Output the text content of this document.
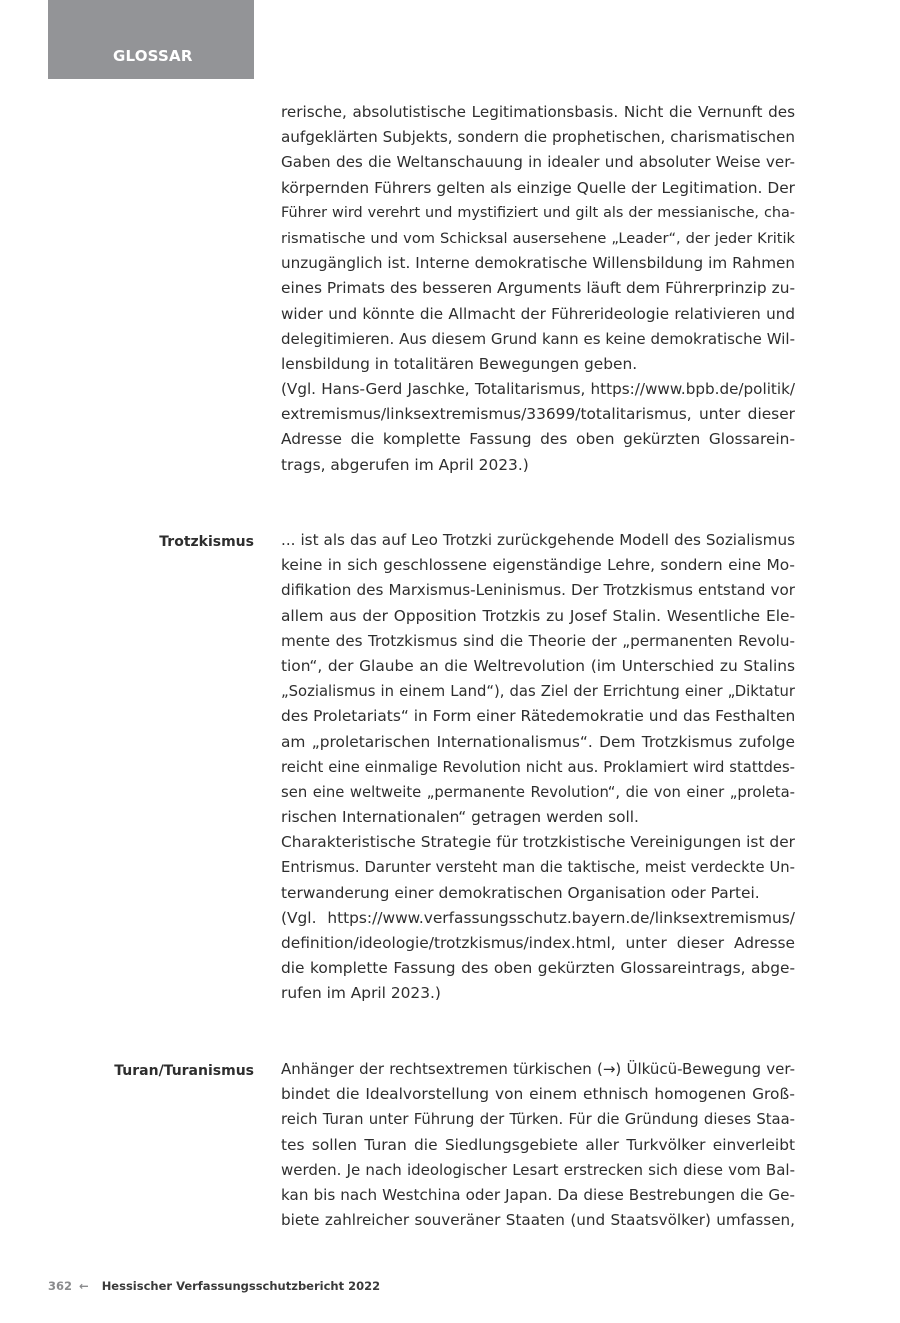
GLOSSAR
rerische, absolutistische Legitimationsbasis. Nicht die Vernunft des
aufgeklärten Subjekts, sondern die prophetischen, charismatischen
Gaben des die Weltanschauung in idealer und absoluter Weise ver-
körpernden Führers gelten als einzige Quelle der Legitimation. Der
Führer wird verehrt und mystifiziert und gilt als der messianische, cha-
rismatische und vom Schicksal ausersehene „Leader“, der jeder Kritik
unzugänglich ist. Interne demokratische Willensbildung im Rahmen
eines Primats des besseren Arguments läuft dem Führerprinzip zu-
wider und könnte die Allmacht der Führerideologie relativieren und
delegitimieren. Aus diesem Grund kann es keine demokratische Wil-
lensbildung in totalitären Bewegungen geben.
(Vgl. Hans-Gerd Jaschke, Totalitarismus, https://www.bpb.de/politik/
extremismus/linksextremismus/33699/totalitarismus, unter dieser
Adresse die komplette Fassung des oben gekürzten Glossarein-
trags, abgerufen im April 2023.)
Trotzkismus ... ist als das auf Leo Trotzki zurückgehende Modell des Sozialismus
keine in sich geschlossene eigenständige Lehre, sondern eine Mo-
difikation des Marxismus-Leninismus. Der Trotzkismus entstand vor
allem aus der Opposition Trotzkis zu Josef Stalin. Wesentliche Ele-
mente des Trotzkismus sind die Theorie der „permanenten Revolu-
tion“, der Glaube an die Weltrevolution (im Unterschied zu Stalins
„Sozialismus in einem Land“), das Ziel der Errichtung einer „Diktatur
des Proletariats“ in Form einer Rätedemokratie und das Festhalten
am „proletarischen Internationalismus“. Dem Trotzkismus zufolge
reicht eine einmalige Revolution nicht aus. Proklamiert wird stattdes-
sen eine weltweite „permanente Revolution“, die von einer „proleta-
rischen Internationalen“ getragen werden soll.
Charakteristische Strategie für trotzkistische Vereinigungen ist der
Entrismus. Darunter versteht man die taktische, meist verdeckte Un-
terwanderung einer demokratischen Organisation oder Partei.
(Vgl. https://www.verfassungsschutz.bayern.de/linksextremismus/
definition/ideologie/trotzkismus/index.html, unter dieser Adresse
die komplette Fassung des oben gekürzten Glossareintrags, abge-
rufen im April 2023.)
Turan/Turanismus Anhänger der rechtsextremen türkischen (→) Ülkücü-Bewegung ver-
bindet die Idealvorstellung von einem ethnisch homogenen Groß-
reich Turan unter Führung der Türken. Für die Gründung dieses Staa-
tes sollen Turan die Siedlungsgebiete aller Turkvölker einverleibt
werden. Je nach ideologischer Lesart erstrecken sich diese vom Bal-
kan bis nach Westchina oder Japan. Da diese Bestrebungen die Ge-
biete zahlreicher souveräner Staaten (und Staatsvölker) umfassen,
362 ← Hessischer Verfassungsschutzbericht 2022
